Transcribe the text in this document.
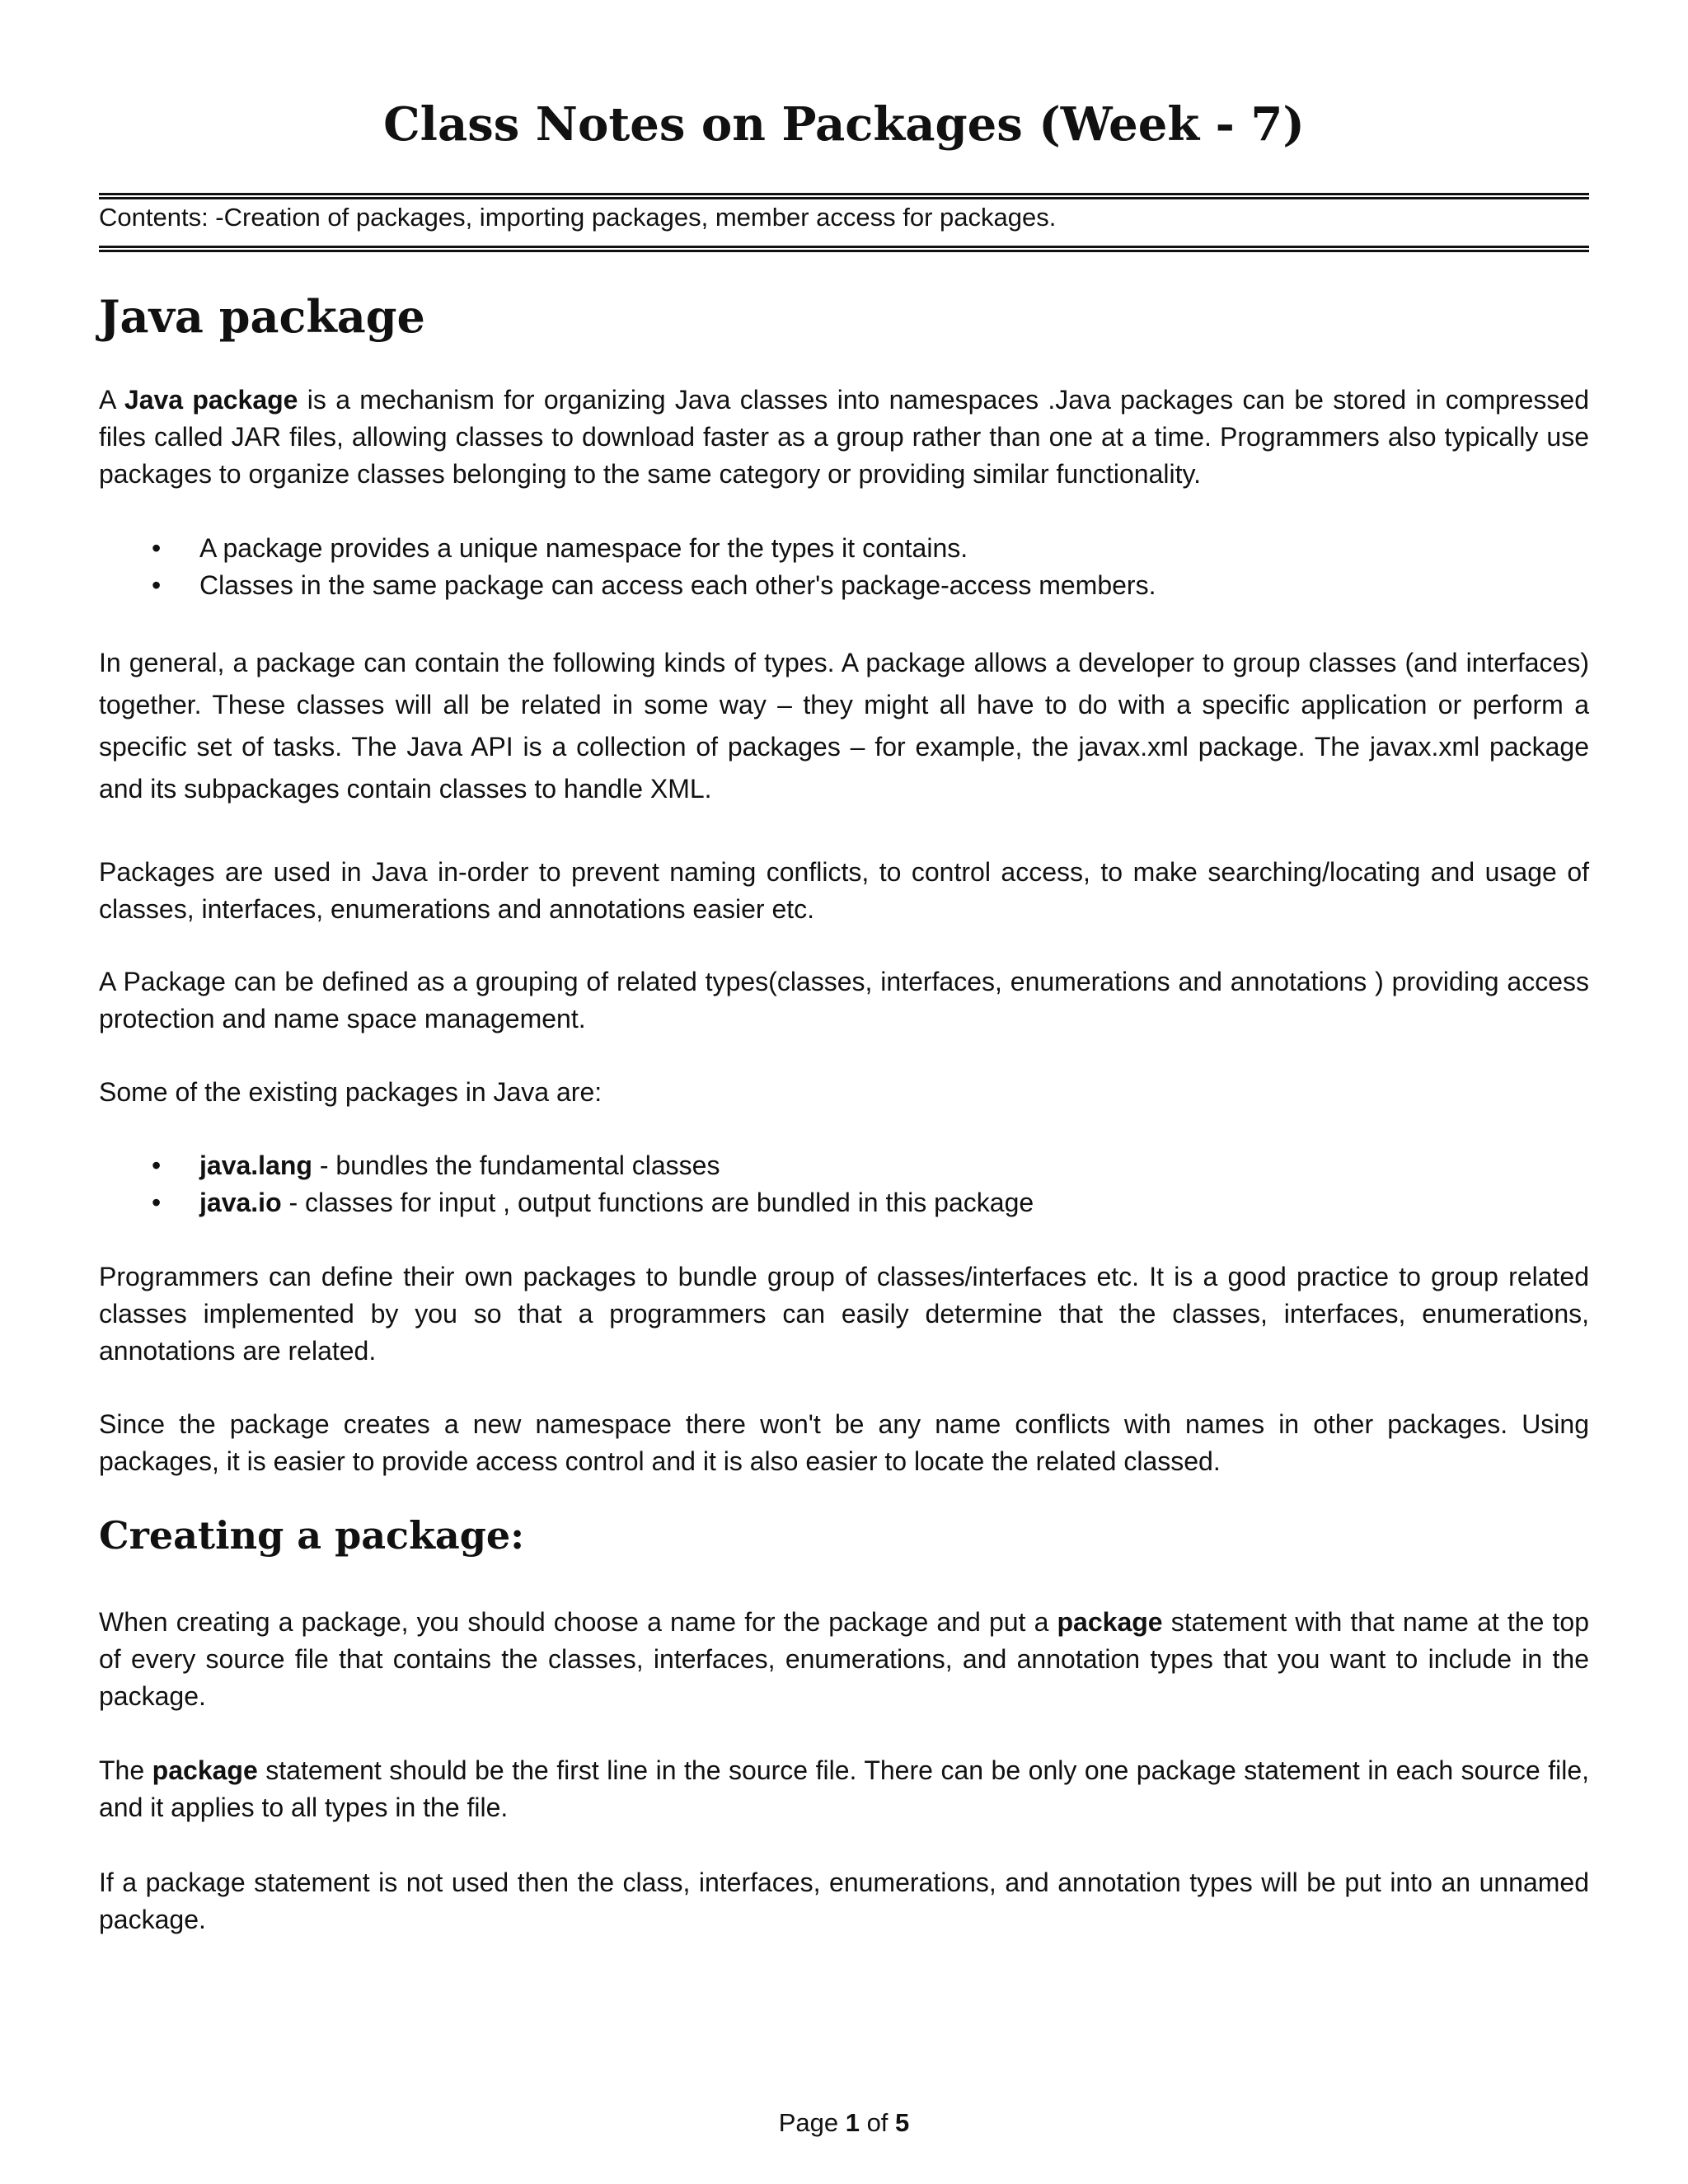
Class Notes on Packages (Week - 7)

Contents: -Creation of packages, importing packages, member access for packages.

Java package

A Java package is a mechanism for organizing Java classes into namespaces .Java packages can be stored in compressed files called JAR files, allowing classes to download faster as a group rather than one at a time. Programmers also typically use packages to organize classes belonging to the same category or providing similar functionality.

• A package provides a unique namespace for the types it contains.
• Classes in the same package can access each other's package-access members.

In general, a package can contain the following kinds of types. A package allows a developer to group classes (and interfaces) together. These classes will all be related in some way – they might all have to do with a specific application or perform a specific set of tasks. The Java API is a collection of packages – for example, the javax.xml package. The javax.xml package and its subpackages contain classes to handle XML.

Packages are used in Java in-order to prevent naming conflicts, to control access, to make searching/locating and usage of classes, interfaces, enumerations and annotations easier etc.

A Package can be defined as a grouping of related types(classes, interfaces, enumerations and annotations ) providing access protection and name space management.

Some of the existing packages in Java are:

• java.lang - bundles the fundamental classes
• java.io - classes for input , output functions are bundled in this package

Programmers can define their own packages to bundle group of classes/interfaces etc. It is a good practice to group related classes implemented by you so that a programmers can easily determine that the classes, interfaces, enumerations, annotations are related.

Since the package creates a new namespace there won't be any name conflicts with names in other packages. Using packages, it is easier to provide access control and it is also easier to locate the related classed.

Creating a package:

When creating a package, you should choose a name for the package and put a package statement with that name at the top of every source file that contains the classes, interfaces, enumerations, and annotation types that you want to include in the package.

The package statement should be the first line in the source file. There can be only one package statement in each source file, and it applies to all types in the file.

If a package statement is not used then the class, interfaces, enumerations, and annotation types will be put into an unnamed package.

Page 1 of 5
